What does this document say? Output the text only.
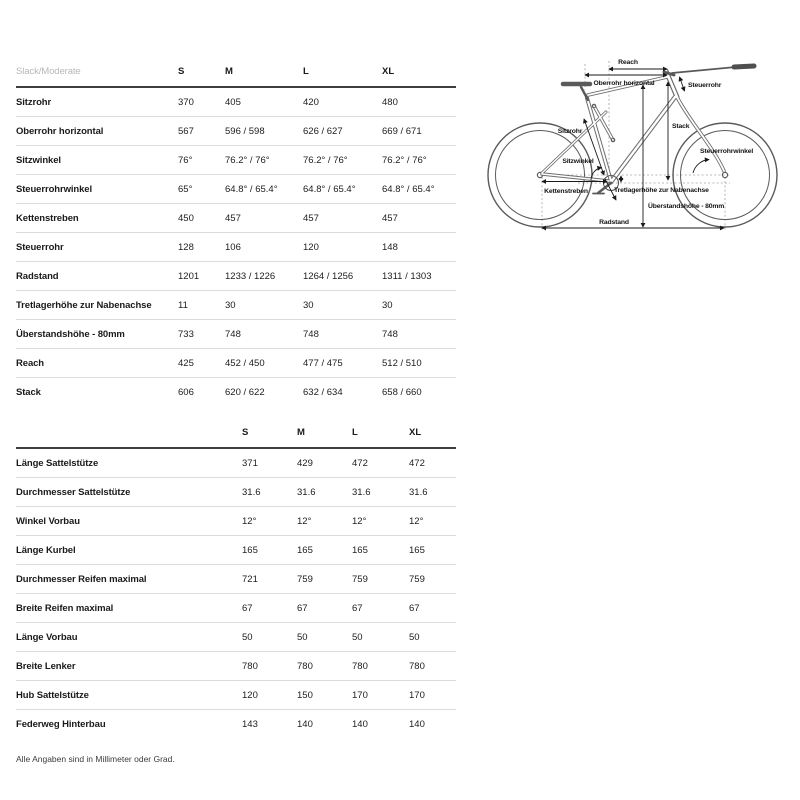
Slack/Moderate	S	M	L	XL
Sitzrohr	370	405	420	480
Oberrohr horizontal	567	596 / 598	626 / 627	669 / 671
Sitzwinkel	76°	76.2° / 76°	76.2° / 76°	76.2° / 76°
Steuerrohrwinkel	65°	64.8° / 65.4°	64.8° / 65.4°	64.8° / 65.4°
Kettenstreben	450	457	457	457
Steuerrohr	128	106	120	148
Radstand	1201	1233 / 1226	1264 / 1256	1311 / 1303
Tretlagerhöhe zur Nabenachse	11	30	30	30
Überstandshöhe - 80mm	733	748	748	748
Reach	425	452 / 450	477 / 475	512 / 510
Stack	606	620 / 622	632 / 634	658 / 660
S	M	L	XL
Länge Sattelstütze	371	429	472	472
Durchmesser Sattelstütze	31.6	31.6	31.6	31.6
Winkel Vorbau	12°	12°	12°	12°
Länge Kurbel	165	165	165	165
Durchmesser Reifen maximal	721	759	759	759
Breite Reifen maximal	67	67	67	67
Länge Vorbau	50	50	50	50
Breite Lenker	780	780	780	780
Hub Sattelstütze	120	150	170	170
Federweg Hinterbau	143	140	140	140
Alle Angaben sind in Millimeter oder Grad.
Reach
Oberrohr horizontal	Steuerrohr
Sitzrohr
Stack
Sitzwinkel
Steuerrohrwinkel
Kettenstreben	Tretlagerhöhe zur Nabenachse
Überstandshöhe - 80mm
Radstand
